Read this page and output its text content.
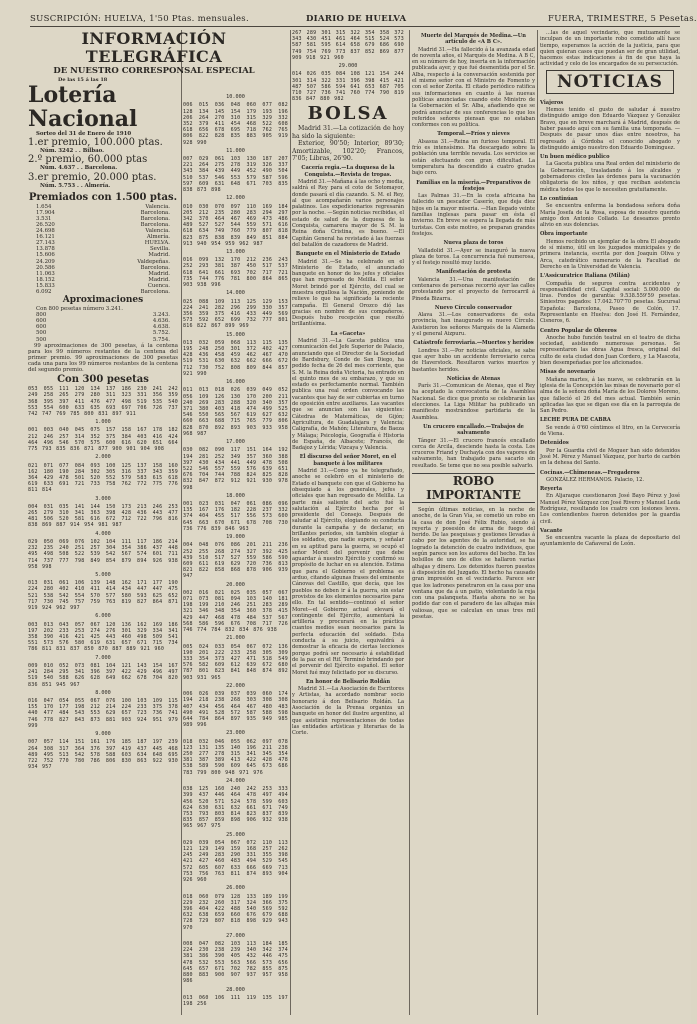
SUSCRIPCIÓN: HUELVA, 1'50 Ptas. mensuales.	DIARIO DE HUELVA	FUERA, TRIMESTRE, 5 Pesetas.
INFORMACIÓN TELEGRÁFICA
DE NUESTRO CORRESPONSAL ESPECIAL
De las 15 á las 18
Lotería Nacional
Sorteo del 31 de Enero de 1910
1.er premio, 100.000 ptas.
Núm. 3242 . . Bilbao.
2.º premio, 60.000 ptas
Núm. 4.637 . . Barcelona.
3.er premio, 20.000 ptas.
Núm. 5.753 . . Almería.
Premiados con 1.500 ptas.
1.654	Valencia.
17.904	Barcelona.
3.531	Barcelona.
26.520	Barcelona.
24.698	Valencia.
16.121	Almería.
27.143	HUELVA.
13.878	Sevilla.
15.606	Madrid.
24.209	Valdepeñas.
20.586	Barcelona.
11.063	Madrid.
18.152	Madrid.
15.833	Cuenca.
6.092	Barcelona.
Aproximaciones
Con 800 pesetas número 3.241.
800	3.243.
600	4.636.
600	4.638.
500	5.752.
500	5.754.

99 aproximaciones de 300 pesetas, á la centena para los 99 números restantes de la centena del primer premio. 99 aproximaciones de 300 pesetas cada una para los 99 números restantes de la centena del segundo premio.

Con 300 pesetas
053 055 111 120 134 137 186 230 241 242 249 258 265 279 280 311 323 331 356 359 368 395 397 411 476 477 498 519 535 540 553 554 600 633 635 693 697 706 726 737 742 747 769 785 800 831 897 911
1.000
001 003 040 045 075 157 158 167 178 182 212 246 257 314 352 375 384 403 416 424 464 496 546 570 575 600 616 620 651 664 775 793 835 836 871 877 900 901 904 908
2.000
021 071 077 084 093 100 125 137 158 160 162 180 190 284 302 305 316 337 343 359 364 429 478 501 520 552 579 583 615 618 619 633 691 721 733 758 762 772 775 776 811 814
3.000
004 031 035 141 144 150 173 213 246 253 265 279 310 341 363 398 428 436 443 477 481 506 520 581 616 672 712 722 796 816 838 869 887 914 954 981 987
4.000
029 050 069 076 102 104 111 117 186 214 232 235 240 251 257 304 354 386 437 448 495 498 508 522 539 542 567 574 601 711 714 737 777 798 849 854 879 894 926 938 958 998
5.000
013 031 061 106 139 148 162 171 177 190 224 280 402 410 411 414 434 447 447 475 521 538 542 554 570 577 580 593 625 652 717 730 745 757 759 763 819 827 864 871 919 924 962 997
6.000
003 013 043 057 067 120 136 162 169 186 197 202 233 253 274 276 301 329 334 341 358 390 416 421 425 443 460 498 509 541 551 573 576 580 619 631 657 671 715 734 786 811 831 837 850 870 887 889 921 960
7.000
009 010 052 073 081 104 121 143 154 167 241 284 295 341 396 397 422 429 496 497 519 540 588 626 628 649 662 678 704 820 836 851 945 967
8.000
016 047 054 055 067 076 100 103 109 115 155 170 177 198 212 214 224 233 375 378 440 477 484 543 553 629 657 723 736 741 746 778 827 843 873 881 903 924 951 979 999
9.000
007 057 114 151 161 176 185 187 197 239 264 308 317 364 376 397 419 437 445 468 489 495 513 542 578 588 603 634 648 695 722 752 770 780 786 806 830 863 922 930 934 957
10.000
006 015 036 048 060 077 082 128 134 145 154 179 193 196 206 264 270 310 315 329 332 352 379 411 454 468 522 608 618 656 678 695 718 762 765 806 822 828 835 883 905 919 928 990
11.000
007 029 061 103 130 187 207 221 264 275 278 319 326 337 343 384 439 449 452 490 504 510 537 546 553 579 587 596 597 609 631 648 671 703 835 838 873 898
12.000
010 030 070 097 110 169 184 205 212 235 280 283 294 297 342 370 464 467 469 473 486 489 527 527 544 559 571 616 618 634 749 760 779 807 818 823 875 838 839 849 851 884 913 940 954 959 962 987
13.000
016 099 132 170 212 236 243 252 293 381 387 450 517 537 618 641 661 693 702 717 721 735 744 776 781 800 864 865 903 938 996
14.000
025 088 109 113 125 129 153 224 241 282 296 299 330 357 356 359 375 416 433 449 569 573 592 652 699 732 777 801 816 822 867 899 969
15.000
013 032 059 068 113 115 135 195 248 250 301 372 402 427 428 436 458 459 462 467 470 519 531 630 632 662 666 672 712 730 752 808 809 844 857 921 990
16.000
011 013 018 026 039 049 052 056 109 126 130 170 200 211 240 269 283 288 320 340 357 371 380 403 418 474 499 525 546 550 565 567 619 627 632 660 663 688 715 765 779 806 828 870 892 893 903 933 958 968 987
17.000
030 082 090 117 151 164 192 194 281 252 349 357 360 388 397 430 434 441 449 478 508 522 546 557 559 576 639 651 676 704 744 788 824 825 828 832 847 872 912 921 930 978 998
18.000
001 023 031 047 061 086 096 135 167 176 182 228 237 332 374 404 455 517 556 573 600 645 663 670 671 678 708 730 736 776 839 846 963
19.000
004 048 076 086 201 211 236 252 255 268 274 327 392 425 439 510 517 527 559 586 590 609 611 619 629 720 736 813 821 822 858 868 878 906 939 947
20.000
002 016 021 025 035 057 067 071 073 081 094 103 140 181 198 199 210 246 251 283 289 321 346 348 354 360 378 415 429 447 468 478 484 537 567 568 586 596 676 708 717 726 746 774 784 832 834 876 938
21.000
005 024 033 054 067 072 136 190 201 222 233 258 305 309 333 354 373 427 471 518 549 576 582 609 612 639 672 680 787 801 823 841 848 874 892 903 931 965
22.000
006 026 039 037 039 060 174 194 218 238 268 303 308 308 407 434 456 464 467 480 483 490 491 528 572 587 588 598 644 784 864 897 935 949 985 989 996
23.000
018 032 046 055 062 097 078 123 131 135 140 196 211 238 250 277 278 315 341 345 354 381 387 389 413 422 428 478 538 589 590 609 645 673 686 783 799 800 948 971 976
24.000
038 125 160 240 242 253 333 399 437 446 464 478 497 494 456 520 571 524 578 599 603 624 630 631 632 661 671 749 753 793 803 814 823 837 839 835 857 859 898 906 932 938 965 967 975
25.000
029 039 054 067 072 110 113 121 129 149 159 168 257 262 245 249 283 290 331 355 398 421 427 460 483 494 529 545 572 605 607 633 666 669 713 753 756 763 811 874 893 904 926 960
26.000
018 060 079 128 133 189 199 229 232 260 317 324 366 375 396 404 422 488 540 569 592 632 638 659 660 676 679 688 728 729 807 818 898 929 943 970
27.000
008 047 082 103 113 184 185 224 230 238 239 340 342 374 381 386 390 405 432 446 475 478 532 553 563 566 573 656 645 657 671 702 782 855 875 880 883 900 907 937 957 958 986
28.000
013 060 106 111 119 135 197 198 256
267 289 301 315 322 354 358 372 343 430 451 461 464 515 524 573 587 581 595 614 658 679 686 690 749 754 769 773 837 852 869 877 909 918 921 960
29.000
014 026 035 084 108 121 154 244 301 314 322 331 396 398 415 421 487 507 586 594 641 653 687 705 710 727 736 741 760 774 790 819 836 847 880 982
BOLSA

Madrid 31.—La cotización de hoy ha sido la siguiente:

Exterior, 90'50; Interior, 89'30; Amortizable, 102'20; Francos, 7'05; Libras, 26'90.

Cacería regia.—La duquesa de la Conquista.—Revista de tropas.

Madrid 31.—Mañana á las ocho y media, saldrá el Rey para el coto de Sotomayor, donde pasará el día cazando. S. M. el Rey, al que acompañarán varios personajes palatinos. Los expedicionarios regresarán por la noche. —Según noticias recibidas, el estado de salud de la duquesa de la Conquista, camarera mayor de S. M. la Reina doña Cristina, es bueno. —El Capitán General ha revistado á las fuerzas del batallón de cazadores de Madrid.

Banquete en el Ministerio de Estado

Madrid 31.—Se ha celebrado en el Ministerio de Estado, el anunciado banquete en honor de los jefes y oficiales que han regresado de Melilla. El señor Moret brindó por el Ejército, del cual se muestra orgullosa la Nación, poniendo de relieve lo que ha significado la reciente campaña. El General Orozco dió las gracias en nombre de sus compañeros. Después hubo recepción que resultó brillantísima.

La «Gaceta»

Madrid 31.—La Gaceta publica una comunicación del Jefe Superior de Palacio, anunciando que el Director de la Sociedad de Bardsbury, Conde de San Diego, ha pedido fecha de 26 del mes corriente, que S. M. la Reina doña Victoria, ha entrado en el quinto mes de su embarazo, y que su estado es perfectamente normal. También publica una real orden convocando las vacantes que hay de ser cubiertas en turno de oposición entre auxiliares. Las vacantes que se anuncian son las siguientes: Cátedras de Matemáticas, de Gijón; Agricultura, de Guadalajara y Valencia; Caligrafía, de Mahón; Literatura, de Baeza y Málaga; Psicología, Geografía é Historia de España, de Albacete; Francés, de Badajoz y Lérida; Vizcaya y Valencia.

El discurso del señor Moret, en el banquete á los militares

Madrid 31.—Como ya he telegrafiado, anoche se celebró en el ministerio de Estado el banquete con que el Gobierno ha obsequiado á los generales, jefes y oficiales que han regresado de Melilla. La parte más saliente del acto fué la salutación al Ejército hecha por el presidente del Consejo. Después de saludar al Ejército, elogiando su conducta durante la campaña y de declarar, en brillantes períodos, sin también elogiar á los soldados, que nadie supera, y señalar en su aptitud para la guerra, se ocupó el señor Moret del porvenir que debe aguardar á nuestro Ejército y confirmó su propósito de luchar en su atención. Estima que para el Gobierno el problema es arduo, citando algunas frases del eminente Cánovas del Castillo, que decía, que los pueblos no deben ir á la guerra, sin estar provistos de los elementos necesarios para ello. En tal sentido—continuó el señor Moret—el Gobierno actual elevará el contingente del Ejército, aumentará la artillería y procurará en la práctica cuantos medios sean necesarios para la perfecta educación del soldado. Esta conducta á su juicio, equivaldrá á demostrar la eficacia de ciertas lecciones porque podrá ser necesario á estabilidad de la paz en el Rif. Terminó brindando por el porvenir del Ejército español. El señor Moret fué muy felicitado por su discurso.

En honor de Belisario Roldán

Madrid 31.—La Asociación de Escritores y Artistas, ha acordado nombrar socio honorario á don Belisario Roldán. La Asociación de la Prensa organiza un banquete en honor del ilustre argentino, al que asistirán representaciones de todas las entidades artísticas y literarias de la Corte.

Muerte del Marqués de Medina.—Un artículo de «A B C».

Madrid 31.—Ha fallecido á la avanzada edad de noventa años, el Marqués de Medina. A B C, en su número de hoy, inserta en la información publicada ayer, y que fué desmentida por el Sr. Alba, respecto á la conversación sostenida por el mismo señor con el Ministro de Fomento y con el señor Zorita. El citado periódico ratifica sus informaciones en cuanto á las nuevas políticas anunciadas cuando este Ministro de la Gobernación el Sr. Alba, añadiendo que se podrá anunciar de sus conferencias lo que los referidos señores piensan que no estaban conformes con su política.

Temporal.—Fríos y nieves

Alsasua 31.—Reina un furioso temporal. El frío es intensísimo. Ha descargado sobre la población una terrible nevada. Los servicios se están efectuando con gran dificultad. La temperatura ha descendido á cuatro grados bajo cero.

Familias en la miseria.—Preparativos de festejos

Las Palmas 31.—En la costa africana ha fallecido un pescador Caserío, que deja diez hijos en la mayor miseria. —Han llegado veinte familias inglesas para pasar en ésta el invierno. En breve se espera la llegada de más turistas. Con este motivo, se preparan grandes festejos.

Nueva plaza de toros

Valladolid 31.—Ayer se inauguró la nueva plaza de toros. La concurrencia fué numerosa, y el festejo resultó muy lucido.

Manifestación de protesta

Valencia 31.—Una manifestación de centenares de personas recorrió ayer las calles protestando por el proyecto de ferrocarril á Pineda Bizarra.

Nuevo Círculo conservador

Alava 31.—Los conservadores de esta provincia, han inaugurado su nuevo Círculo. Asistieron los señores Marqués de la Alameda y el general Aizpuru.

Catástrofe ferroviaria.—Muertos y heridos

Londres 31.—Por noticias oficiales, se sabe que ayer hubo un accidente ferroviario cerca de Haverstock. Resultaron varios muertos y bastantes heridos.

Noticias de Atenas

París 31.—Comunican de Atenas, que el Rey ha aceptado la convocatoria de la Asamblea Nacional. Se dice que pronto se celebrarán las elecciones. La Liga Militar ha publicado un manifiesto mostrándose partidaria de la Asamblea.

Un crucero encallado.—Trabajos de salvamento

Tánger 31.—El crucero francés encallado cerca de Arcila, desciende hasta la costa. Los cruceros Friand y Duchayla con dos vapores de salvamento, han trabajado para sacarlo sin resultado. Se teme que no sea posible salvarlo.

ROBO IMPORTANTE

Según últimas noticias, en la noche de anoche, de la Gran Vía, se cometió un robo en la casa de don José Félix Rubio, siendo á reyerta y posesión de arma de fuego del herido. De las pesquisas y gestiones llevadas á cabo por los agentes de la autoridad, se ha logrado la detención de cuatro individuos, que según parece son los autores del hecho. En los bolsillos de uno de ellos se hallaron varias alhajas y dinero. Los detenidos fueron puestos á disposición del Juzgado. El hecho ha causado gran impresión en el vecindario. Parece ser que los ladrones penetraron en la casa por una ventana que da á un patio, violentando la reja con una palanqueta. Hasta ahora no se ha podido dar con el paradero de las alhajas más valiosas, que se calculan en unas tres mil pesetas.

...las de aquel vecindario, que mutuamente se inculpan de un importante robo cometido allí hace tiempo, esperamos la acción de la justicia, para que quien quieran casos que puedan ser de gran utilidad, hacemos estas indicaciones á fin de que haya la actividad y celo de los encargados de su persecución.

NOTICIAS
Viajeros

Hemos tenido el gusto de saludar á nuestro distinguido amigo don Eduardo Vázquez y González Bravo, que en breve marchará á Madrid, después de haber pasado aquí con su familia una temporada. —Después de pasar unos días entre nosotros, ha regresado á Córdoba el conocido abogado y distinguido amigo nuestro don Eduardo Dominguez.

Un buen médico publico

La Gaceta publica una Real orden del ministerio de la Gobernación, trasladando á los alcaldes y gobernadores civiles las órdenes para la vacunación obligatoria de los niños, y que reciban asistencia médica todos los que lo necesiten gratuitamente.

Lo continúan

Se encuentra enferma la bondadosa señora doña María Josefa de la Rosa, esposa de nuestro querido amigo don Antonio Collado. Le deseamos pronto alivio en sus dolencias.

Obra importante

Hemos recibido un ejemplar de la obra El abogado de sí mismo, útil en los juzgados municipales y de primera instancia, escrita por don Joaquín Oliva y Arca, catedrático numerario de la Facultad de Derecho en la Universidad de Valencia.

L'Assicuratrice Italiana (Milán)

Compañía de seguros contra accidentes y responsabilidad civil. Capital social: 5.000.000 de liras. Fondos de garantía: 9.538.559'59 pesetas. Siniestros pagados: 17.042.707'70 pesetas. Sucursal Española: Barcelona, Paseo de Colón, 17. Representante en Huelva: don José H. Fernández, Cisneros, 6.

Centro Popular de Obreros

Anoche hubo función teatral en el teatro de dicha sociedad, asistiendo numerosas personas. Se representaron las obras Agua fresca, original del culto de esta ciudad don Juan Cordero, y La Mascota, bien desempeñadas por los aficionados.

Misas de novenario

Mañana martes, á las nueve, se celebrarán en la iglesia de la Concepción las misas de novenario por el alma de la señora doña María de los Dolores Moreno, que falleció el 26 del mes actual. También serán aplicadas las que se digan ese día en la parroquia de San Pedro.

LECHE PURA DE CABRA

Se vende á 0'60 céntimos el litro, en la Cervecería de Viena.

Detenidos

Por la Guardia civil de Moguer han sido detenidos José M. Pérez y Manuel Vázquez, por hurto de carbón en la dehesa del Santo.

Cocinas.—Chimeneas.—Fregaderos

GONZÁLEZ HERMANOS. Palacio, 12.

Reyerta

En Aljaraque cuestionaron José Bayo Pérez y José Manuel Pérez Vázquez con José Rivero y Manuel Leda Rodríguez, resultando los cuatro con lesiones leves. Los contendientes fueron detenidos por la guardia civil.

Vacante

Se encuentra vacante la plaza de depositario del ayuntamiento de Cañaveral de León.
